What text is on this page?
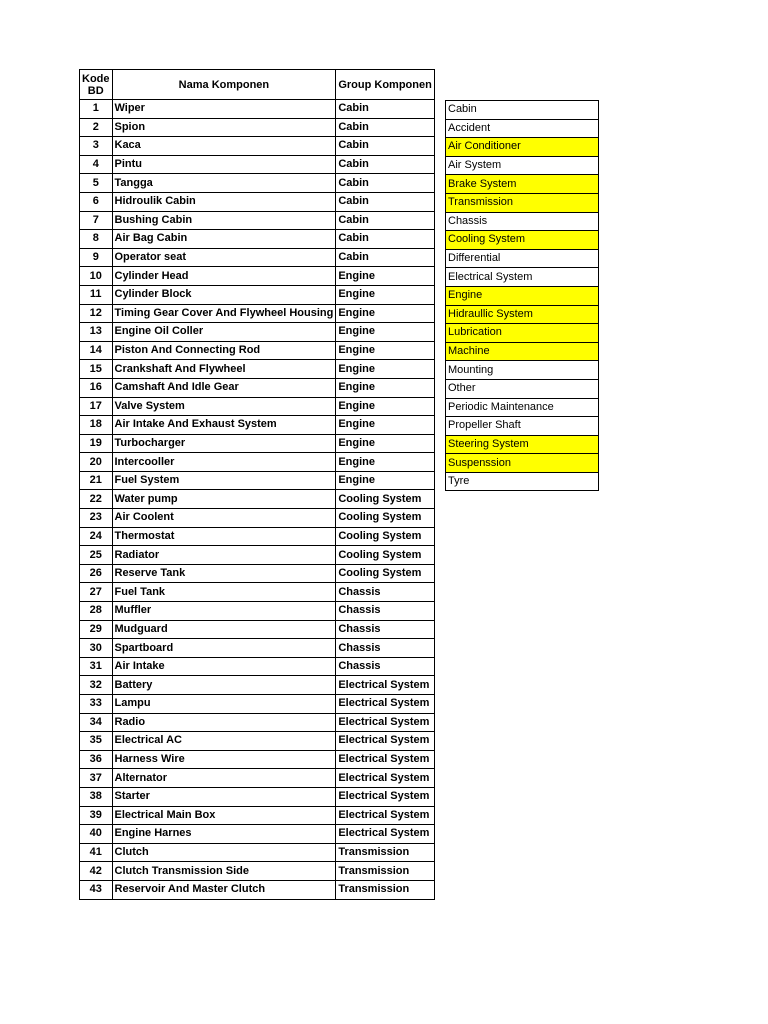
Kode BD	Nama Komponen	Group Komponen
1	Wiper	Cabin
2	Spion	Cabin
3	Kaca	Cabin
4	Pintu	Cabin
5	Tangga	Cabin
6	Hidroulik Cabin	Cabin
7	Bushing Cabin	Cabin
8	Air Bag Cabin	Cabin
9	Operator seat	Cabin
10	Cylinder Head	Engine
11	Cylinder Block	Engine
12	Timing Gear Cover And Flywheel Housing	Engine
13	Engine Oil Coller	Engine
14	Piston And Connecting Rod	Engine
15	Crankshaft And Flywheel	Engine
16	Camshaft And Idle Gear	Engine
17	Valve System	Engine
18	Air Intake And Exhaust System	Engine
19	Turbocharger	Engine
20	Intercooller	Engine
21	Fuel System	Engine
22	Water pump	Cooling System
23	Air Coolent	Cooling System
24	Thermostat	Cooling System
25	Radiator	Cooling System
26	Reserve Tank	Cooling System
27	Fuel Tank	Chassis
28	Muffler	Chassis
29	Mudguard	Chassis
30	Spartboard	Chassis
31	Air Intake	Chassis
32	Battery	Electrical System
33	Lampu	Electrical System
34	Radio	Electrical System
35	Electrical AC	Electrical System
36	Harness Wire	Electrical System
37	Alternator	Electrical System
38	Starter	Electrical System
39	Electrical Main Box	Electrical System
40	Engine Harnes	Electrical System
41	Clutch	Transmission
42	Clutch Transmission Side	Transmission
43	Reservoir And Master Clutch	Transmission
Cabin
Accident
Air Conditioner
Air System
Brake System
Transmission
Chassis
Cooling System
Differential
Electrical System
Engine
Hidraullic System
Lubrication
Machine
Mounting
Other
Periodic Maintenance
Propeller Shaft
Steering System
Suspenssion
Tyre
